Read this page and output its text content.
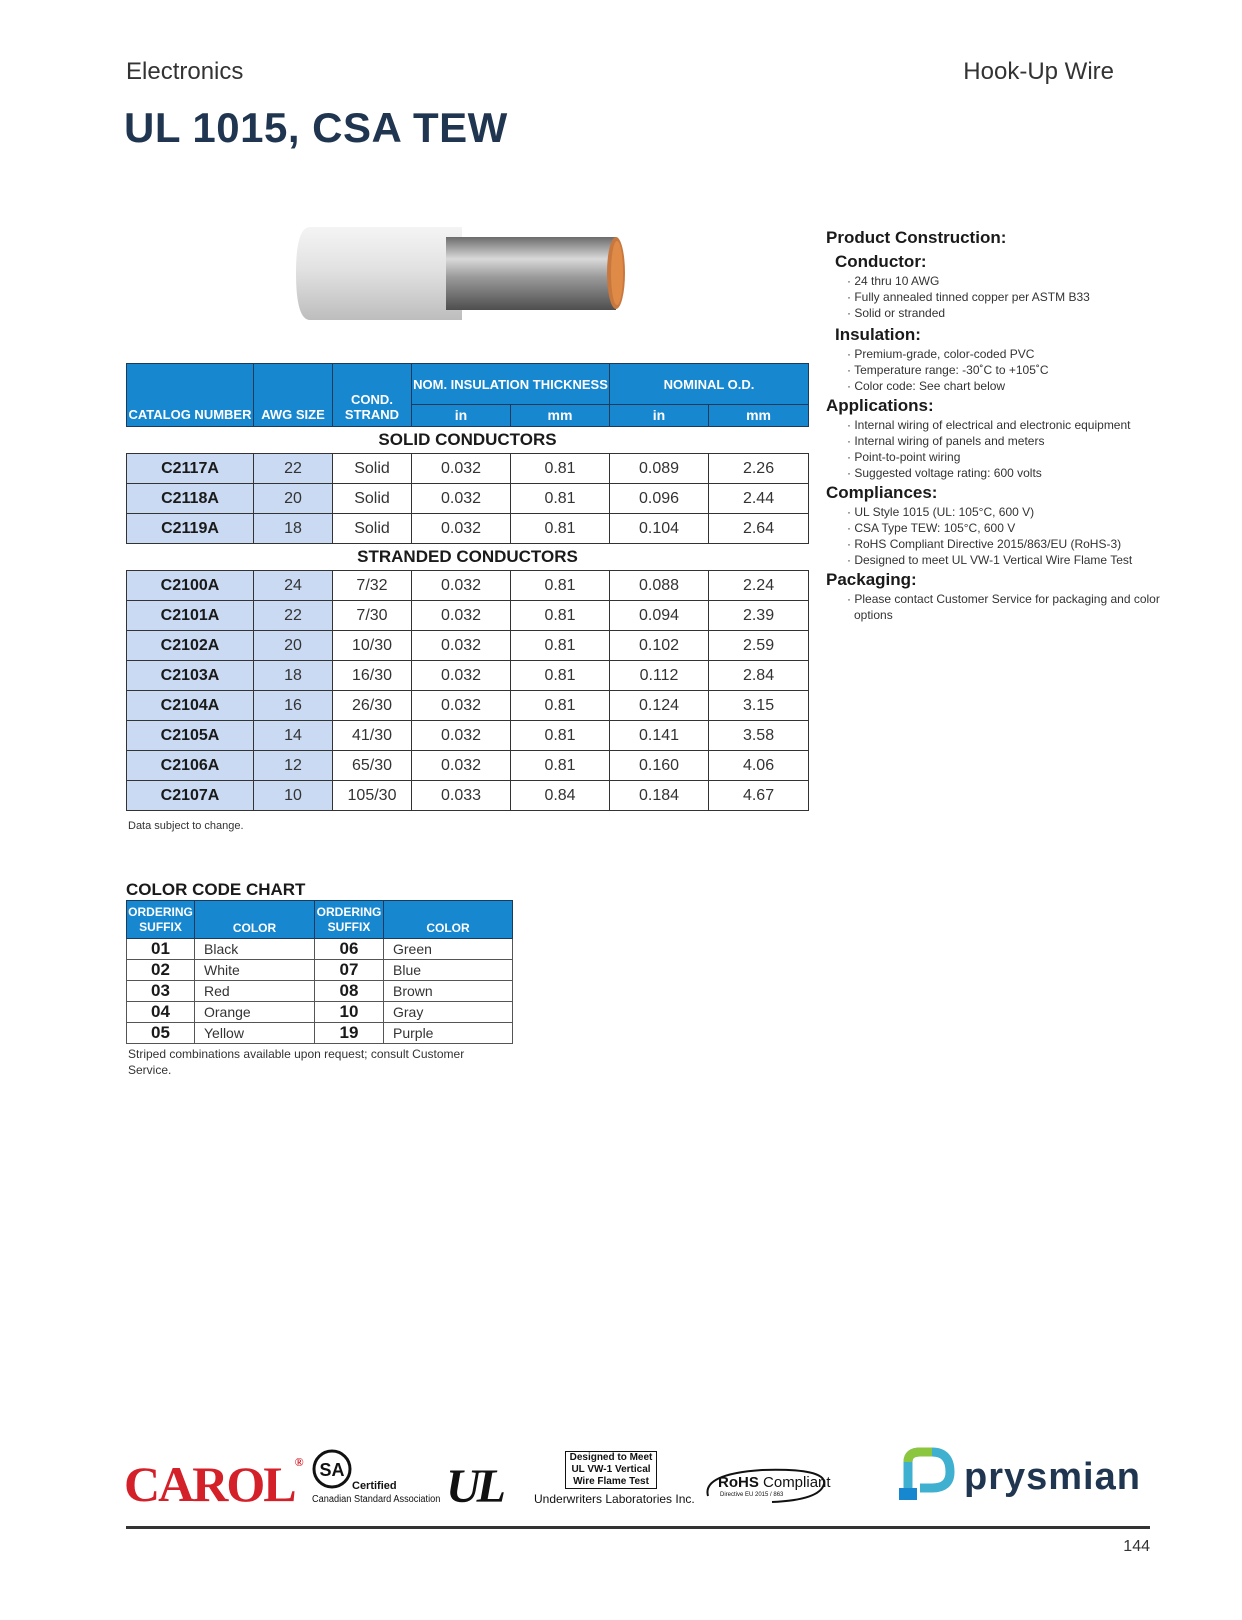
Electronics	Hook-Up Wire
UL 1015, CSA TEW
CATALOG NUMBER	AWG SIZE	COND. STRAND	NOM. INSULATION THICKNESS		NOMINAL O.D.	
			in	mm	in	mm
SOLID CONDUCTORS						
C2117A	22	Solid	0.032	0.81	0.089	2.26
C2118A	20	Solid	0.032	0.81	0.096	2.44
C2119A	18	Solid	0.032	0.81	0.104	2.64
STRANDED CONDUCTORS						
C2100A	24	7/32	0.032	0.81	0.088	2.24
C2101A	22	7/30	0.032	0.81	0.094	2.39
C2102A	20	10/30	0.032	0.81	0.102	2.59
C2103A	18	16/30	0.032	0.81	0.112	2.84
C2104A	16	26/30	0.032	0.81	0.124	3.15
C2105A	14	41/30	0.032	0.81	0.141	3.58
C2106A	12	65/30	0.032	0.81	0.160	4.06
C2107A	10	105/30	0.033	0.84	0.184	4.67
Data subject to change.
COLOR CODE CHART
ORDERING SUFFIX	COLOR	ORDERING SUFFIX	COLOR
01	Black	06	Green
02	White	07	Blue
03	Red	08	Brown
04	Orange	10	Gray
05	Yellow	19	Purple
Striped combinations available upon request; consult Customer Service.
Product Construction:
Conductor:
· 24 thru 10 AWG
· Fully annealed tinned copper per ASTM B33
· Solid or stranded
Insulation:
· Premium-grade, color-coded PVC
· Temperature range: -30˚C to +105˚C
· Color code: See chart below
Applications:
· Internal wiring of electrical and electronic equipment
· Internal wiring of panels and meters
· Point-to-point wiring
· Suggested voltage rating: 600 volts
Compliances:
· UL Style 1015 (UL: 105°C, 600 V)
· CSA Type TEW: 105°C, 600 V
· RoHS Compliant Directive 2015/863/EU (RoHS-3)
· Designed to meet UL VW-1 Vertical Wire Flame Test
Packaging:
· Please contact Customer Service for packaging and color options
CAROL® SA
Certified
Canadian Standard Association UL
Designed to Meet
UL VW-1 Vertical
Wire Flame Test
Underwriters Laboratories Inc.
RoHS Compliant
Directive EU 2015 / 863	prysmian
144
